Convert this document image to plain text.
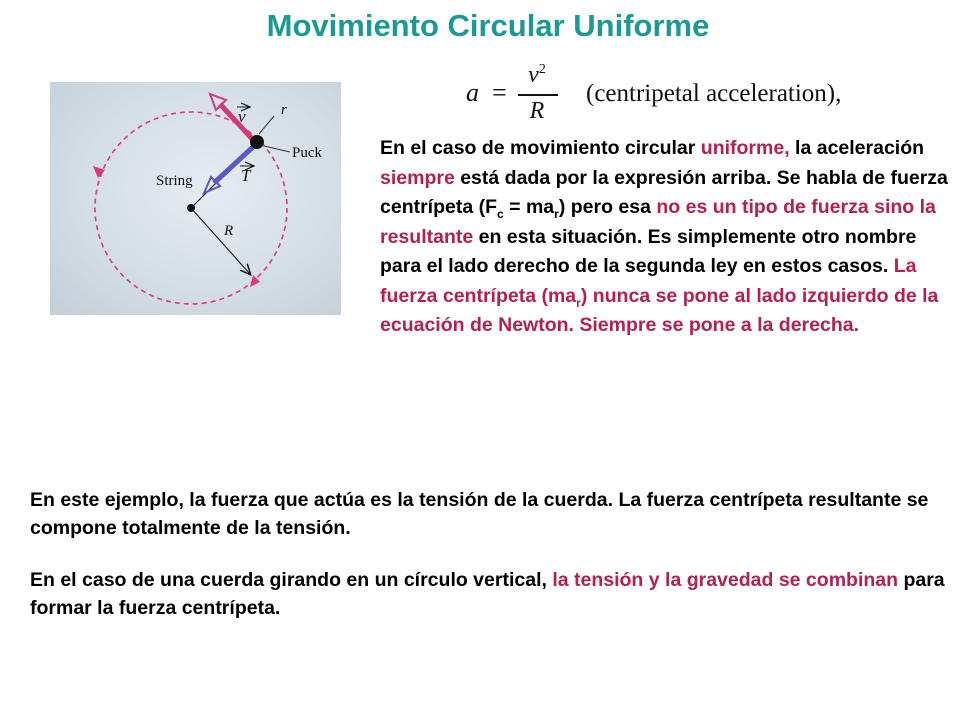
Movimiento Circular Uniforme
a =
$v^2$
R
(centripetal acceleration),
v r
Puck
String	T
R
En el caso de movimiento circular uniforme, la aceleración siempre está dada por la expresión arriba. Se habla de fuerza centrípeta $(F_c = ma_r)$ pero esa no es un tipo de fuerza sino la resultante en esta situación. Es simplemente otro nombre para el lado derecho de la segunda ley en estos casos. La fuerza centrípeta $(ma_r)$ nunca se pone al lado izquierdo de la ecuación de Newton. Siempre se pone a la derecha.
En este ejemplo, la fuerza que actúa es la tensión de la cuerda. La fuerza centrípeta resultante se compone totalmente de la tensión.
En el caso de una cuerda girando en un círculo vertical, la tensión y la gravedad se combinan para formar la fuerza centrípeta.
